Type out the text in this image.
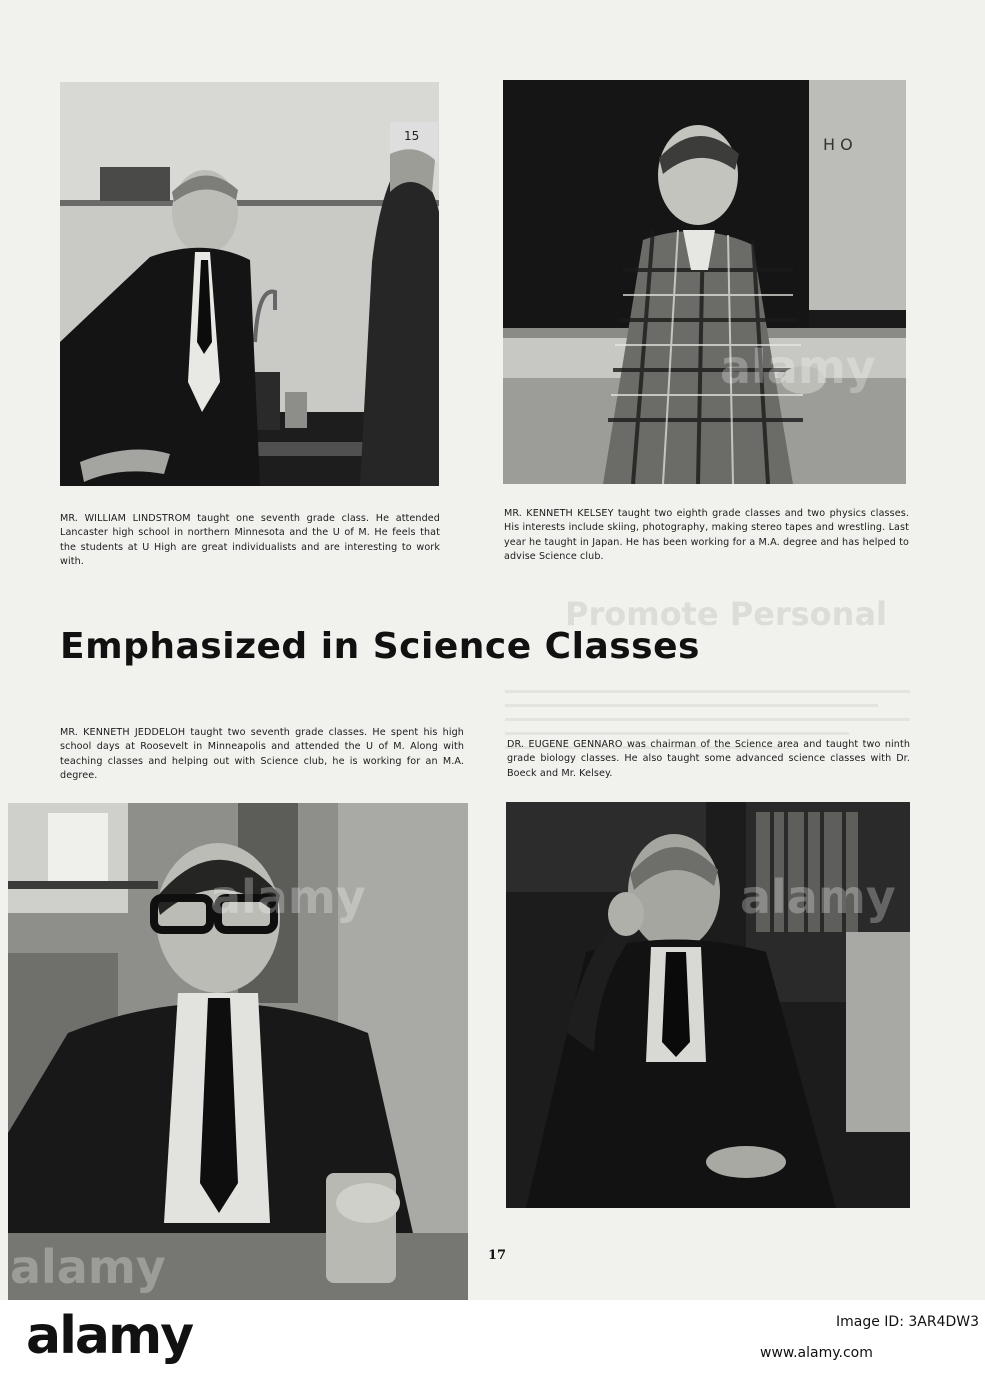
15	H O

MR. WILLIAM LINDSTROM taught one seventh grade class. He attended Lancaster high school in northern Minnesota and the U of M. He feels that the students at U High are great individualists and are interesting to work with.

MR. KENNETH KELSEY taught two eighth grade classes and two physics classes. His interests include skiing, photography, making stereo tapes and wrestling. Last year he taught in Japan. He has been working for a M.A. degree and has helped to advise Science club.

Promote Personal

Emphasized in Science Classes

MR. KENNETH JEDDELOH taught two seventh grade classes. He spent his high school days at Roosevelt in Minneapolis and attended the U of M. Along with teaching classes and helping out with Science club, he is working for an M.A. degree.

DR. EUGENE GENNARO was chairman of the Science area and taught two ninth grade biology classes. He also taught some advanced science classes with Dr. Boeck and Mr. Kelsey.

17

alamy
alamy	alamy
alamy

alamy	Image ID: 3AR4DW3

www.alamy.com
